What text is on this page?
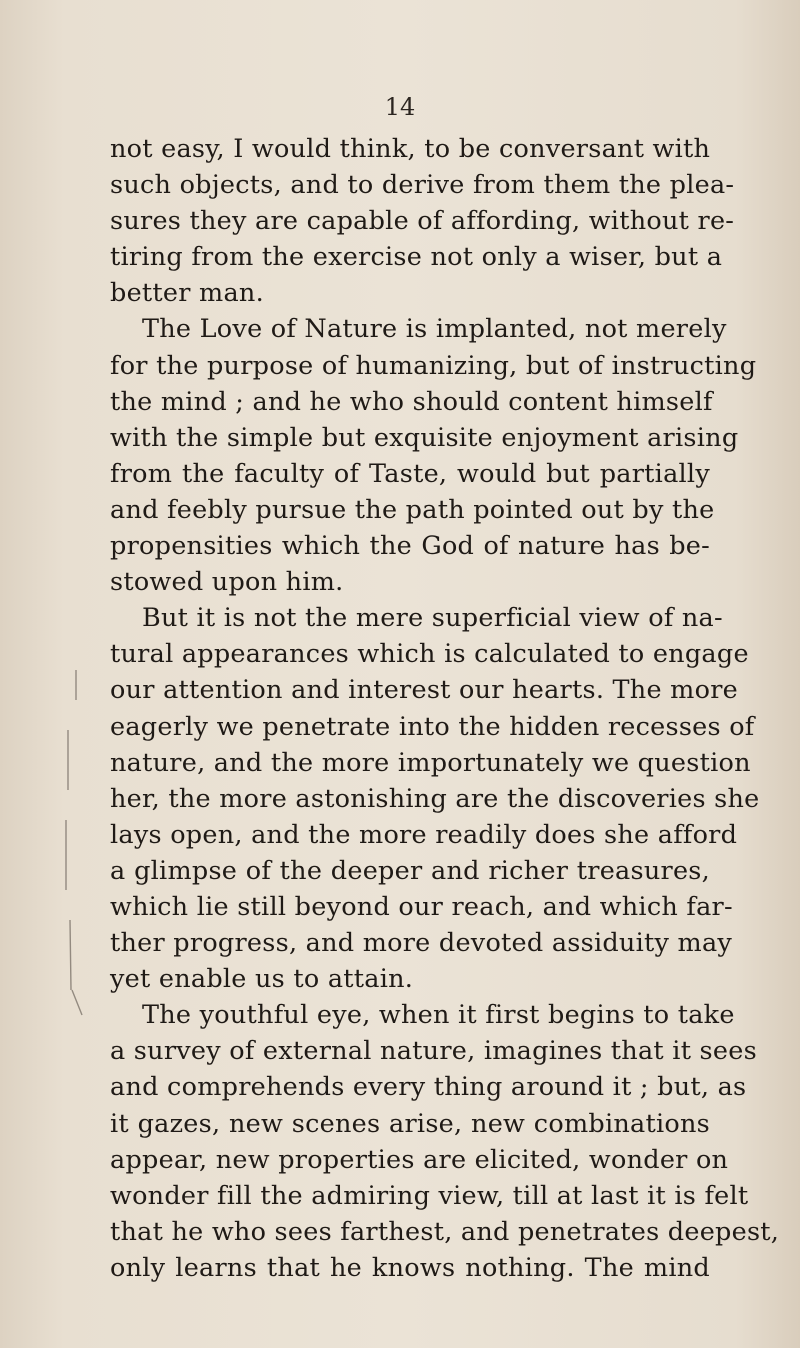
14

not easy, I would think, to be conversant with
such objects, and to derive from them the plea-
sures they are capable of affording, without re-
tiring from the exercise not only a wiser, but a
better man.

The Love of Nature is implanted, not merely
for the purpose of humanizing, but of instructing
the mind ; and he who should content himself
with the simple but exquisite enjoyment arising
from the faculty of Taste, would but partially
and feebly pursue the path pointed out by the
propensities which the God of nature has be-
stowed upon him.

But it is not the mere superficial view of na-
tural appearances which is calculated to engage
our attention and interest our hearts. The more
eagerly we penetrate into the hidden recesses of
nature, and the more importunately we question
her, the more astonishing are the discoveries she
lays open, and the more readily does she afford
a glimpse of the deeper and richer treasures,
which lie still beyond our reach, and which far-
ther progress, and more devoted assiduity may
yet enable us to attain.

The youthful eye, when it first begins to take
a survey of external nature, imagines that it sees
and comprehends every thing around it ; but, as
it gazes, new scenes arise, new combinations
appear, new properties are elicited, wonder on
wonder fill the admiring view, till at last it is felt
that he who sees farthest, and penetrates deepest,
only learns that he knows nothing. The mind
